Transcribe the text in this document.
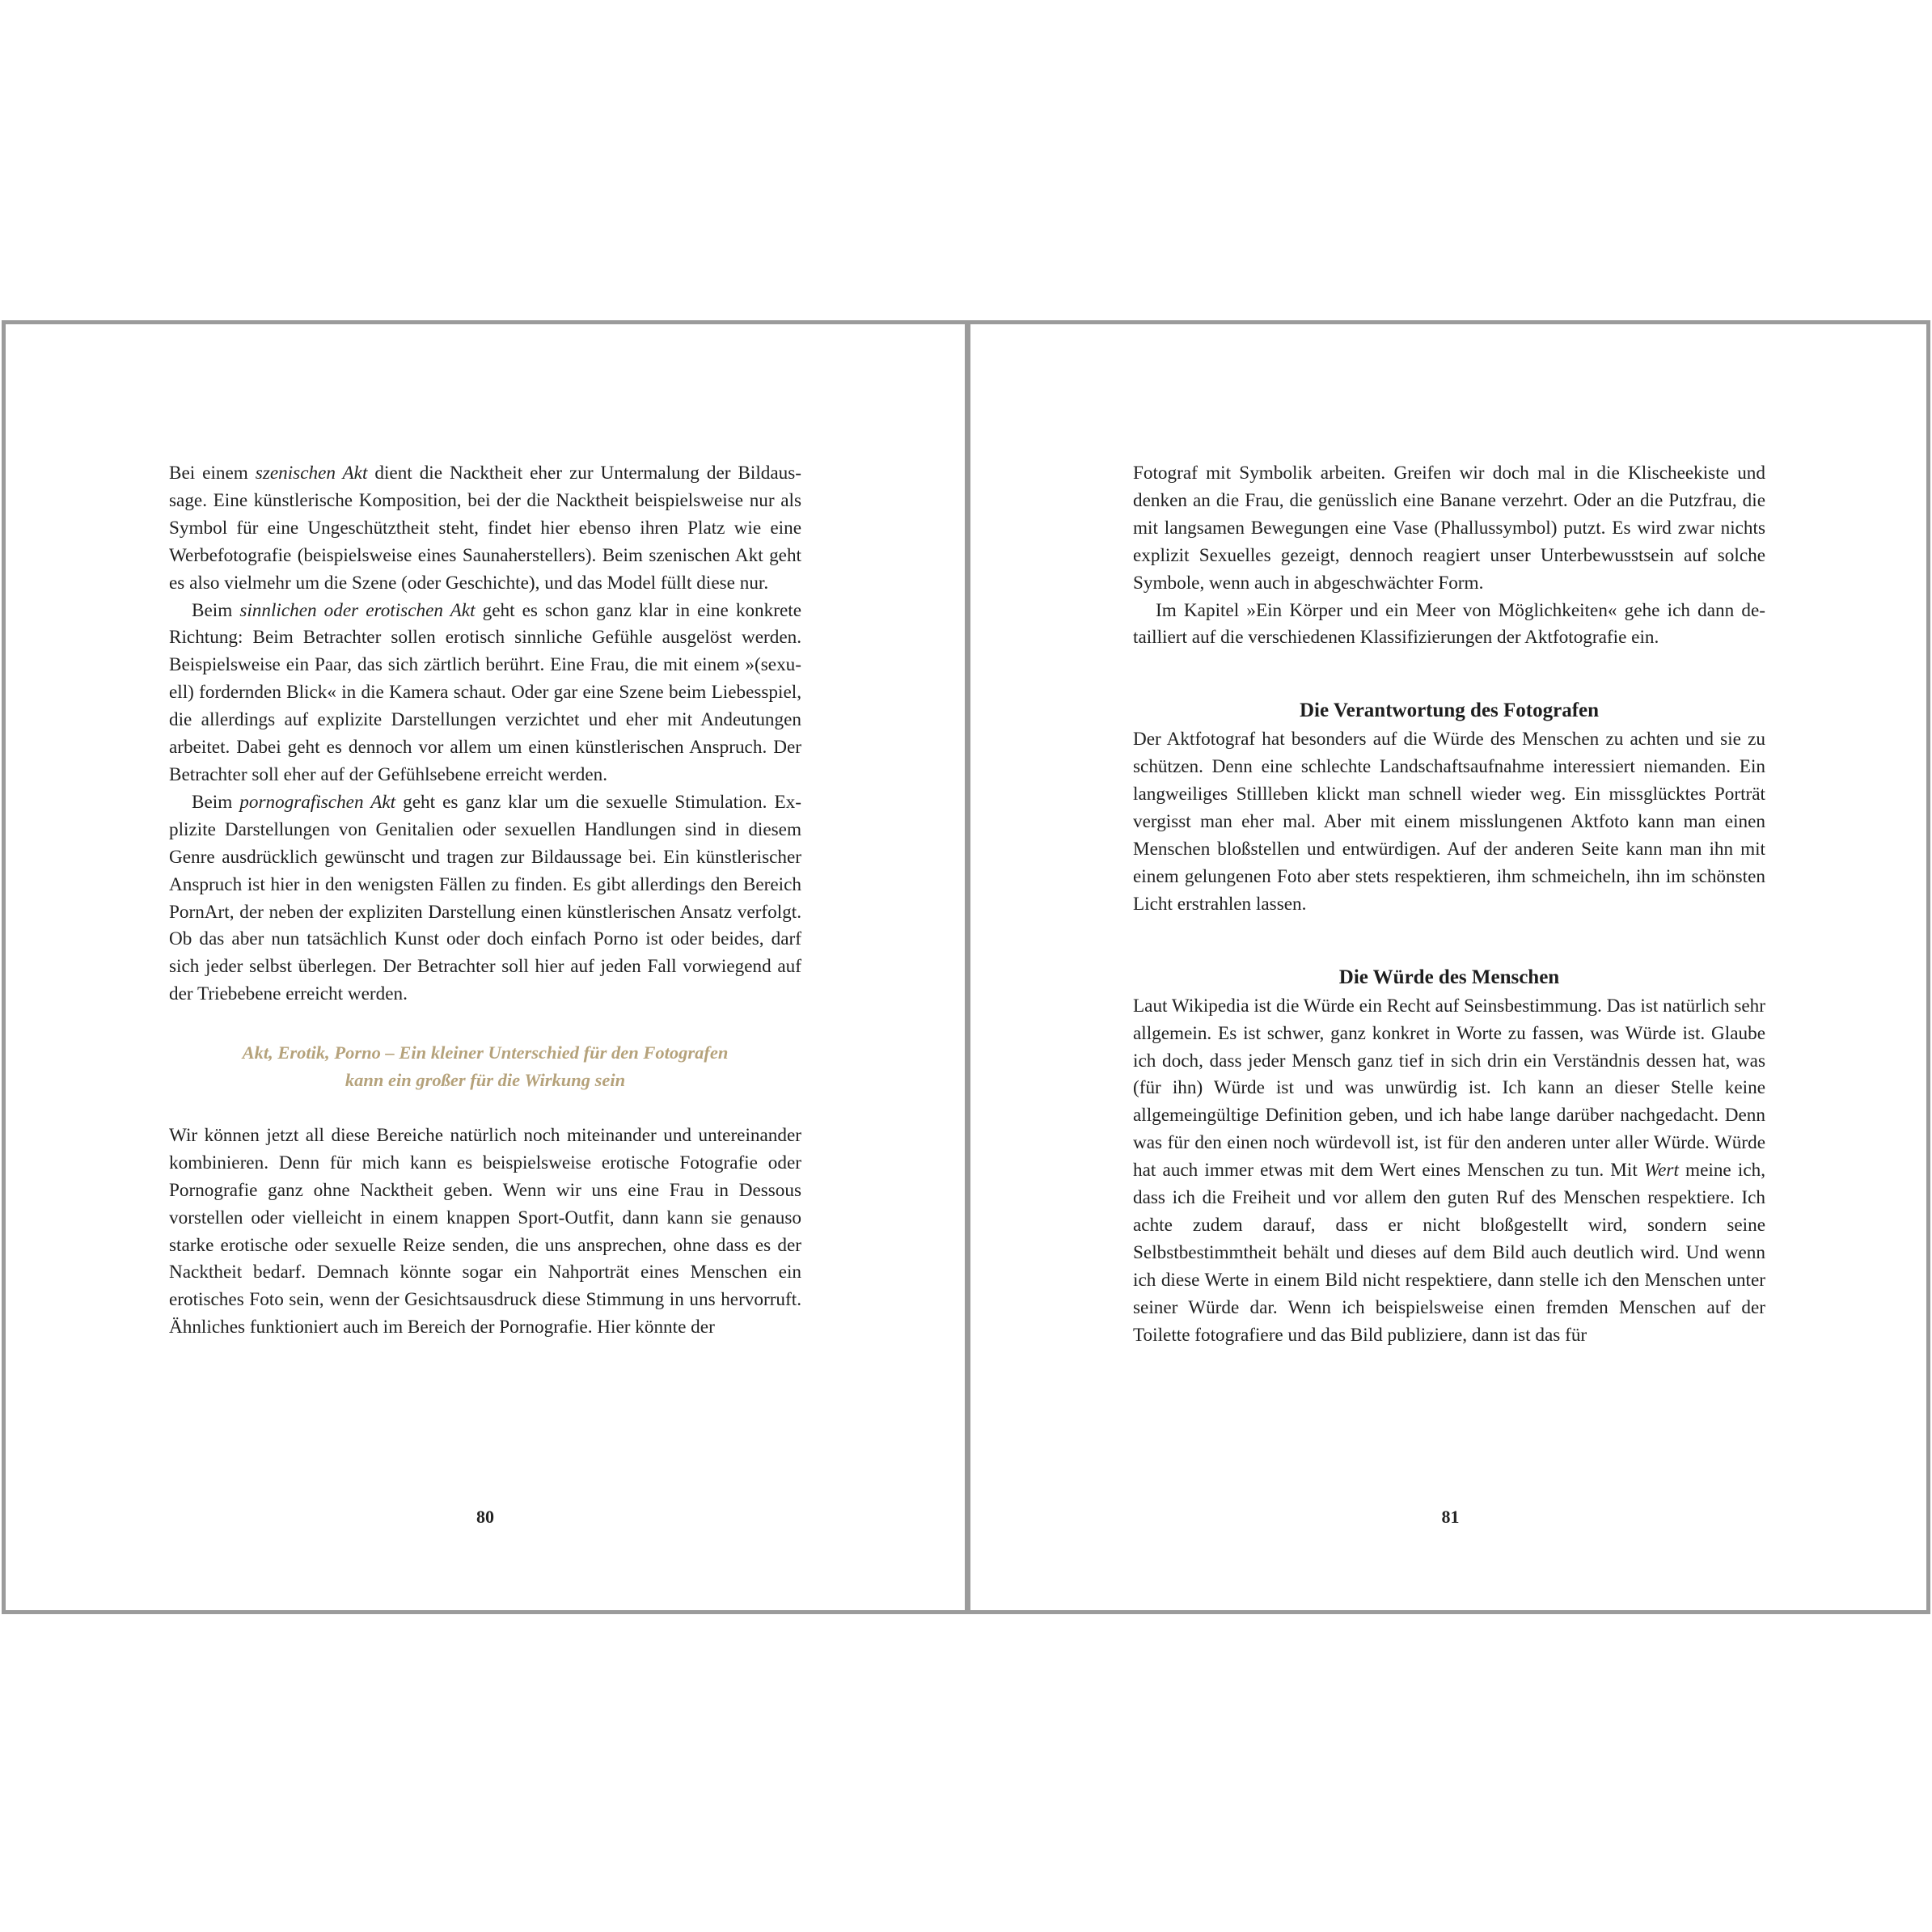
Bei einem szenischen Akt dient die Nacktheit eher zur Untermalung der Bildaussage. Eine künstlerische Komposition, bei der die Nacktheit beispielsweise nur als Symbol für eine Ungeschütztheit steht, findet hier ebenso ihren Platz wie eine Werbefotografie (beispielsweise eines Saunaherstellers). Beim szenischen Akt geht es also vielmehr um die Szene (oder Geschichte), und das Model füllt diese nur.

Beim sinnlichen oder erotischen Akt geht es schon ganz klar in eine konkrete Richtung: Beim Betrachter sollen erotisch sinnliche Gefühle ausgelöst werden. Beispielsweise ein Paar, das sich zärtlich berührt. Eine Frau, die mit einem »(sexuell) fordernden Blick« in die Kamera schaut. Oder gar eine Szene beim Liebesspiel, die allerdings auf explizite Darstellungen verzichtet und eher mit Andeutungen arbeitet. Dabei geht es dennoch vor allem um einen künstlerischen Anspruch. Der Betrachter soll eher auf der Gefühlsebene erreicht werden.

Beim pornografischen Akt geht es ganz klar um die sexuelle Stimulation. Explizite Darstellungen von Genitalien oder sexuellen Handlungen sind in diesem Genre ausdrücklich gewünscht und tragen zur Bildaussage bei. Ein künstlerischer Anspruch ist hier in den wenigsten Fällen zu finden. Es gibt allerdings den Bereich PornArt, der neben der expliziten Darstellung einen künstlerischen Ansatz verfolgt. Ob das aber nun tatsächlich Kunst oder doch einfach Porno ist oder beides, darf sich jeder selbst überlegen. Der Betrachter soll hier auf jeden Fall vorwiegend auf der Triebebene erreicht werden.

Akt, Erotik, Porno – Ein kleiner Unterschied für den Fotografen
kann ein großer für die Wirkung sein

Wir können jetzt all diese Bereiche natürlich noch miteinander und untereinander kombinieren. Denn für mich kann es beispielsweise erotische Fotografie oder Pornografie ganz ohne Nacktheit geben. Wenn wir uns eine Frau in Dessous vorstellen oder vielleicht in einem knappen Sport-Outfit, dann kann sie genauso starke erotische oder sexuelle Reize senden, die uns ansprechen, ohne dass es der Nacktheit bedarf. Demnach könnte sogar ein Nahporträt eines Menschen ein erotisches Foto sein, wenn der Gesichtsausdruck diese Stimmung in uns hervorruft. Ähnliches funktioniert auch im Bereich der Pornografie. Hier könnte der

80

Fotograf mit Symbolik arbeiten. Greifen wir doch mal in die Klischeekiste und denken an die Frau, die genüsslich eine Banane verzehrt. Oder an die Putzfrau, die mit langsamen Bewegungen eine Vase (Phallussymbol) putzt. Es wird zwar nichts explizit Sexuelles gezeigt, dennoch reagiert unser Unterbewusstsein auf solche Symbole, wenn auch in abgeschwächter Form.

Im Kapitel »Ein Körper und ein Meer von Möglichkeiten« gehe ich dann detailliert auf die verschiedenen Klassifizierungen der Aktfotografie ein.

Die Verantwortung des Fotografen

Der Aktfotograf hat besonders auf die Würde des Menschen zu achten und sie zu schützen. Denn eine schlechte Landschaftsaufnahme interessiert niemanden. Ein langweiliges Stillleben klickt man schnell wieder weg. Ein missglücktes Porträt vergisst man eher mal. Aber mit einem misslungenen Aktfoto kann man einen Menschen bloßstellen und entwürdigen. Auf der anderen Seite kann man ihn mit einem gelungenen Foto aber stets respektieren, ihm schmeicheln, ihn im schönsten Licht erstrahlen lassen.

Die Würde des Menschen

Laut Wikipedia ist die Würde ein Recht auf Seinsbestimmung. Das ist natürlich sehr allgemein. Es ist schwer, ganz konkret in Worte zu fassen, was Würde ist. Glaube ich doch, dass jeder Mensch ganz tief in sich drin ein Verständnis dessen hat, was (für ihn) Würde ist und was unwürdig ist. Ich kann an dieser Stelle keine allgemeingültige Definition geben, und ich habe lange darüber nachgedacht. Denn was für den einen noch würdevoll ist, ist für den anderen unter aller Würde. Würde hat auch immer etwas mit dem Wert eines Menschen zu tun. Mit Wert meine ich, dass ich die Freiheit und vor allem den guten Ruf des Menschen respektiere. Ich achte zudem darauf, dass er nicht bloßgestellt wird, sondern seine Selbstbestimmtheit behält und dieses auf dem Bild auch deutlich wird. Und wenn ich diese Werte in einem Bild nicht respektiere, dann stelle ich den Menschen unter seiner Würde dar. Wenn ich beispielsweise einen fremden Menschen auf der Toilette fotografiere und das Bild publiziere, dann ist das für

81
